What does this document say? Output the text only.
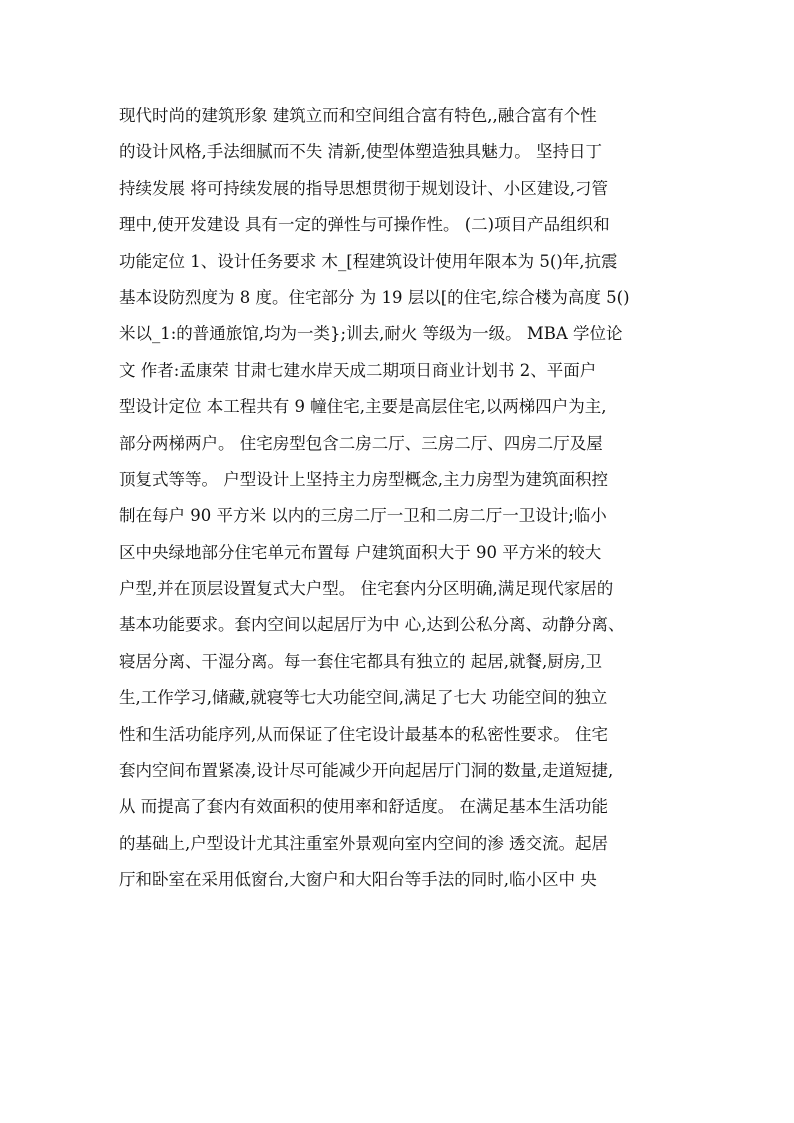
现代时尚的建筑形象 建筑立而和空间组合富有特色,,融合富有个性
的设计风格,手法细腻而不失 清新,使型体塑造独具魅力。 坚持日丁
持续发展 将可持续发展的指导思想贯彻于规划设计、小区建设,刁管
理中,使开发建设 具有一定的弹性与可操作性。 (二)项目产品组织和
功能定位 1、设计任务要求 木_[程建筑设计使用年限本为 5()年,抗震
基本设防烈度为 8 度。住宅部分 为 19 层以[的住宅,综合楼为高度 5()
米以_1:的普通旅馆,均为一类};训去,耐火 等级为一级。 MBA 学位论
文 作者:孟康荣 甘肃七建水岸天成二期项日商业计划书 2、平面户
型设计定位 本工程共有 9 幢住宅,主要是高层住宅,以两梯四户为主,
部分两梯两户。 住宅房型包含二房二厅、三房二厅、四房二厅及屋
顶复式等等。 户型设计上坚持主力房型概念,主力房型为建筑面积控
制在每户 90 平方米 以内的三房二厅一卫和二房二厅一卫设计;临小
区中央绿地部分住宅单元布置每 户建筑面积大于 90 平方米的较大
户型,并在顶层设置复式大户型。 住宅套内分区明确,满足现代家居的
基本功能要求。套内空间以起居厅为中 心,达到公私分离、动静分离、
寝居分离、干湿分离。每一套住宅都具有独立的 起居,就餐,厨房,卫
生,工作学习,储藏,就寝等七大功能空间,满足了七大 功能空间的独立
性和生活功能序列,从而保证了住宅设计最基本的私密性要求。 住宅
套内空间布置紧凑,设计尽可能减少开向起居厅门洞的数量,走道短捷,
从 而提高了套内有效面积的使用率和舒适度。 在满足基本生活功能
的基础上,户型设计尤其注重室外景观向室内空间的渗 透交流。起居
厅和卧室在采用低窗台,大窗户和大阳台等手法的同时,临小区中 央
